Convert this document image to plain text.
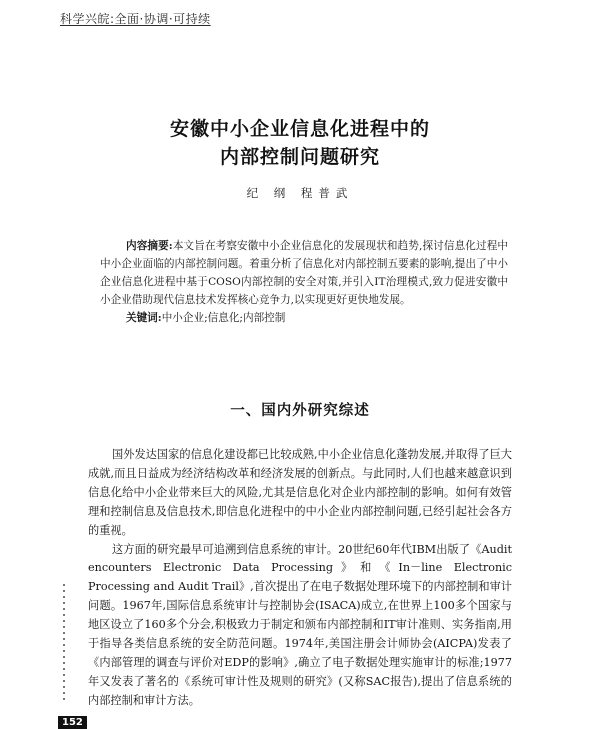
科学兴皖:全面·协调·可持续
安徽中小企业信息化进程中的
内部控制问题研究
纪 纲 程普武

内容摘要:本文旨在考察安徽中小企业信息化的发展现状和趋势,探讨信息化过程中中小企业面临的内部控制问题。着重分析了信息化对内部控制五要素的影响,提出了中小企业信息化进程中基于COSO内部控制的安全对策,并引入IT治理模式,致力促进安徽中小企业借助现代信息技术发挥核心竞争力,以实现更好更快地发展。

关键词:中小企业;信息化;内部控制

一、国内外研究综述

国外发达国家的信息化建设都已比较成熟,中小企业信息化蓬勃发展,并取得了巨大成就,而且日益成为经济结构改革和经济发展的创新点。与此同时,人们也越来越意识到信息化给中小企业带来巨大的风险,尤其是信息化对企业内部控制的影响。如何有效管理和控制信息及信息技术,即信息化进程中的中小企业内部控制问题,已经引起社会各方的重视。

这方面的研究最早可追溯到信息系统的审计。20世纪60年代IBM出版了《Audit encounters Electronic Data Processing》和《In－line Electronic Processing and Audit Trail》,首次提出了在电子数据处理环境下的内部控制和审计问题。1967年,国际信息系统审计与控制协会(ISACA)成立,在世界上100多个国家与地区设立了160多个分会,积极致力于制定和颁布内部控制和IT审计准则、实务指南,用于指导各类信息系统的安全防范问题。1974年,美国注册会计师协会(AICPA)发表了《内部管理的调查与评价对EDP的影响》,确立了电子数据处理实施审计的标准;1977年又发表了著名的《系统可审计性及规则的研究》(又称SAC报告),提出了信息系统的内部控制和审计方法。

152
